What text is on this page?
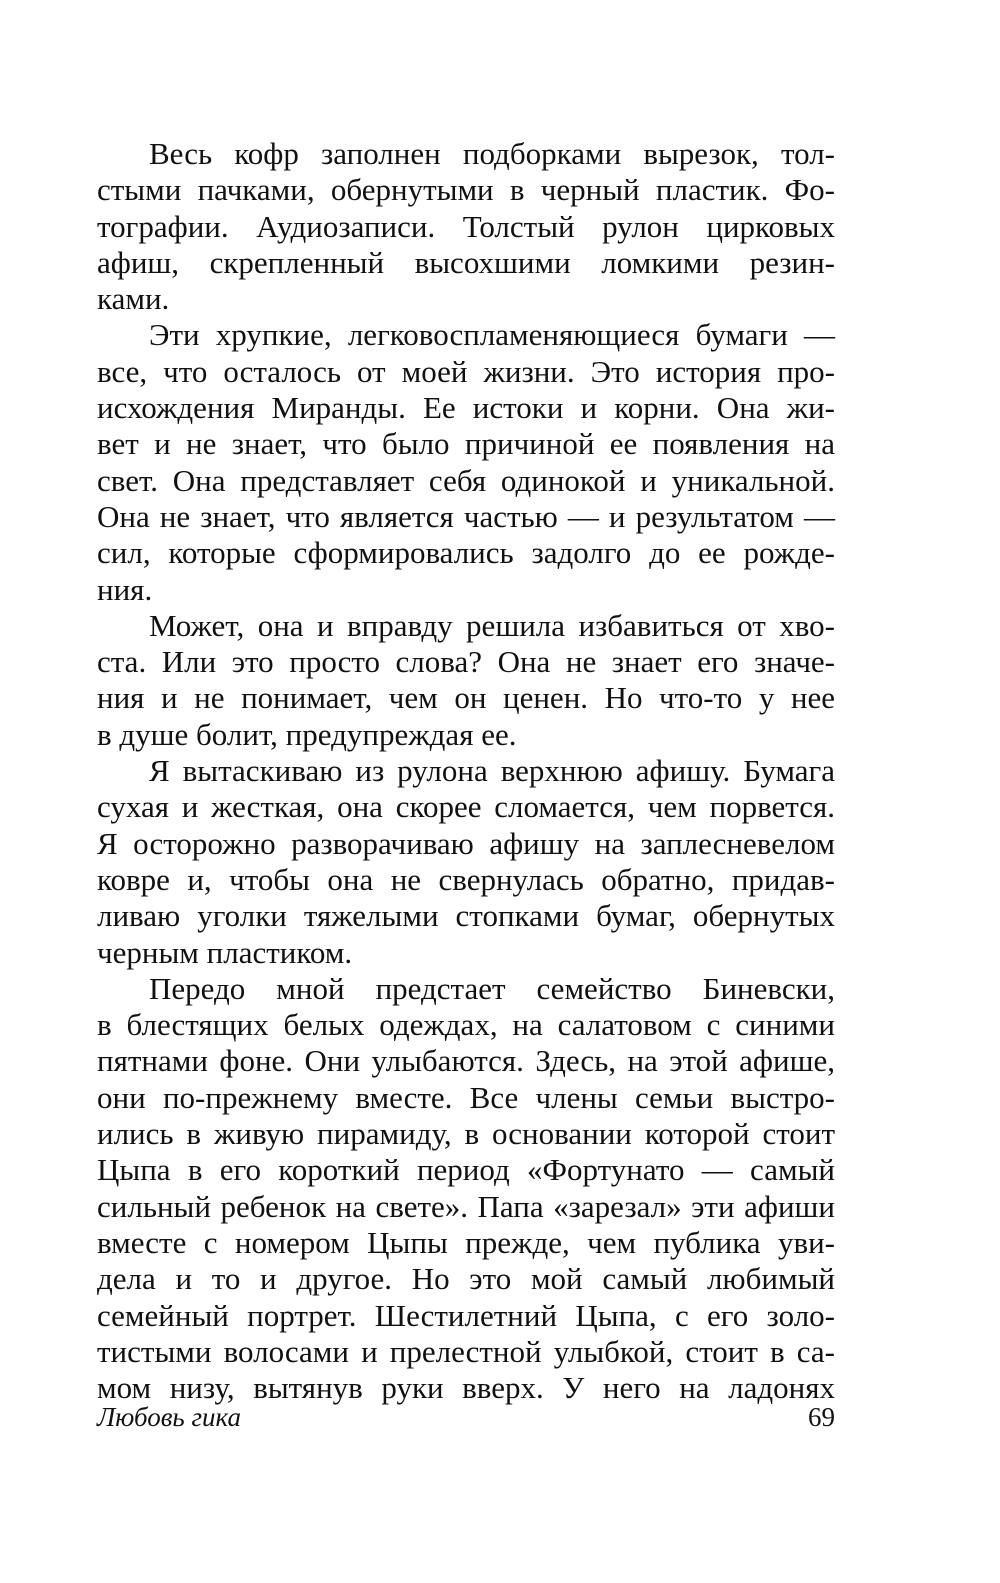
Весь кофр заполнен подборками вырезок, тол-
стыми пачками, обернутыми в черный пластик. Фо-
тографии. Аудиозаписи. Толстый рулон цирковых
афиш, скрепленный высохшими ломкими резин-
ками.
Эти хрупкие, легковоспламеняющиеся бумаги —
все, что осталось от моей жизни. Это история про-
исхождения Миранды. Ее истоки и корни. Она жи-
вет и не знает, что было причиной ее появления на
свет. Она представляет себя одинокой и уникальной.
Она не знает, что является частью — и результатом —
сил, которые сформировались задолго до ее рожде-
ния.
Может, она и вправду решила избавиться от хво-
ста. Или это просто слова? Она не знает его значе-
ния и не понимает, чем он ценен. Но что-то у нее
в душе болит, предупреждая ее.
Я вытаскиваю из рулона верхнюю афишу. Бумага
сухая и жесткая, она скорее сломается, чем порвется.
Я осторожно разворачиваю афишу на заплесневелом
ковре и, чтобы она не свернулась обратно, придав-
ливаю уголки тяжелыми стопками бумаг, обернутых
черным пластиком.
Передо мной предстает семейство Биневски,
в блестящих белых одеждах, на салатовом с синими
пятнами фоне. Они улыбаются. Здесь, на этой афише,
они по-прежнему вместе. Все члены семьи выстро-
ились в живую пирамиду, в основании которой стоит
Цыпа в его короткий период «Фортунато — самый
сильный ребенок на свете». Папа «зарезал» эти афиши
вместе с номером Цыпы прежде, чем публика уви-
дела и то и другое. Но это мой самый любимый
семейный портрет. Шестилетний Цыпа, с его золо-
тистыми волосами и прелестной улыбкой, стоит в са-
мом низу, вытянув руки вверх. У него на ладонях
Любовь гика	69
